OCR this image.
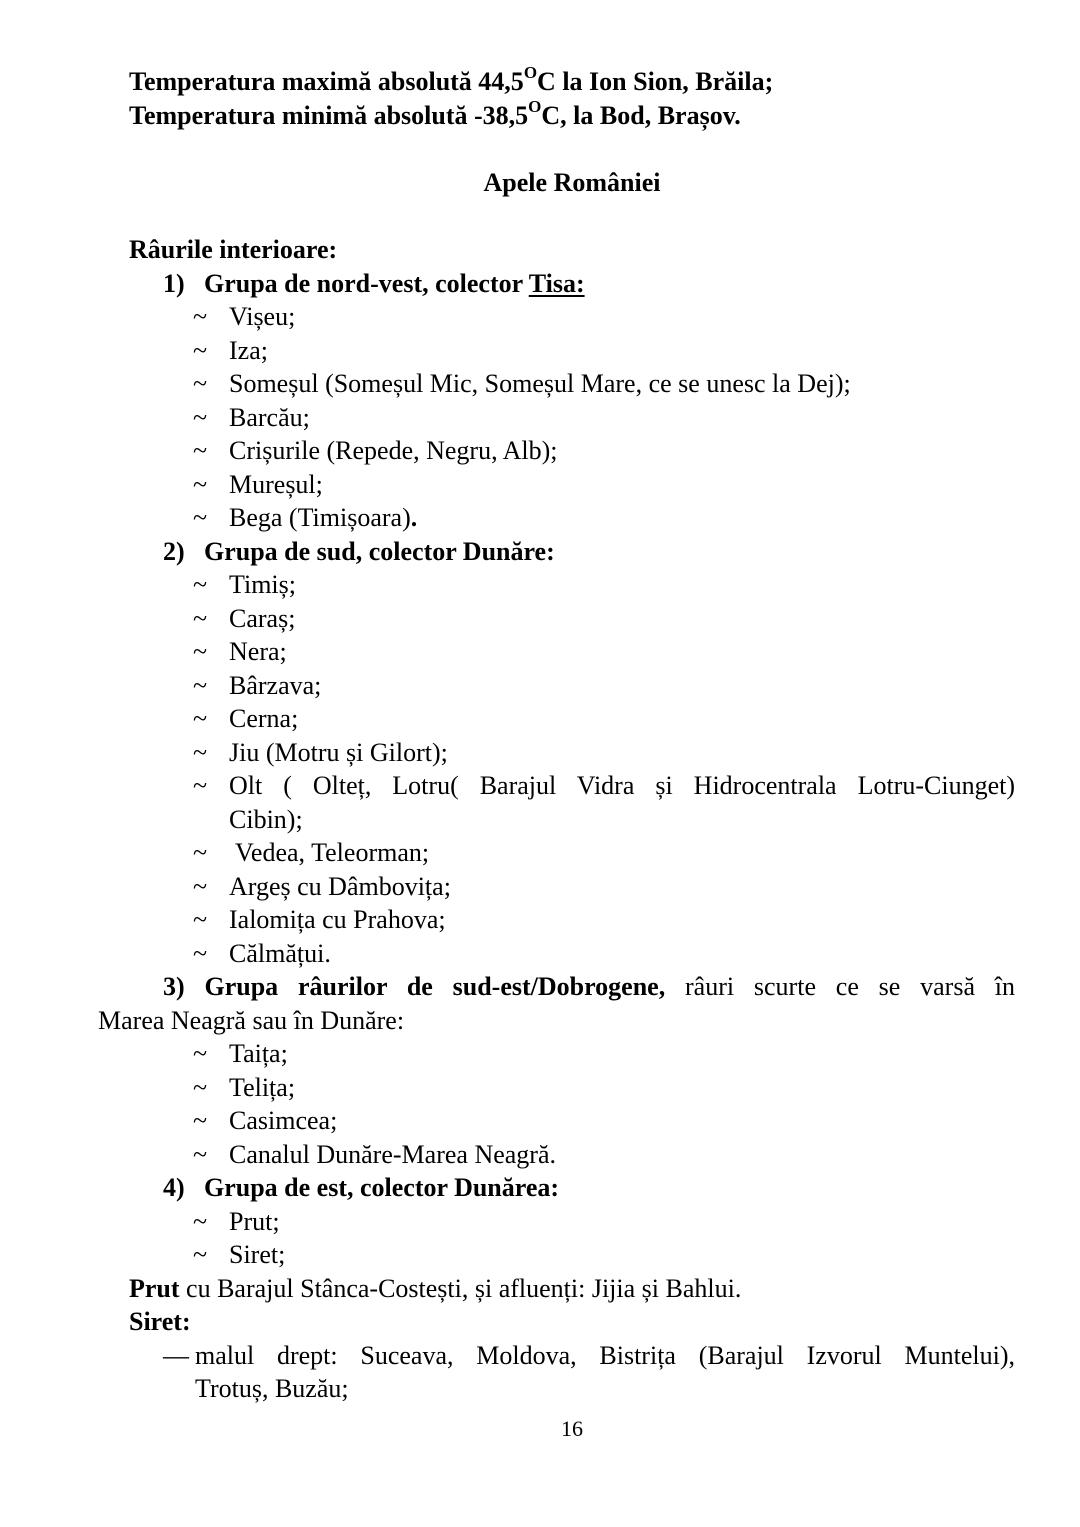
Temperatura maximă absolută $44,5^OC$ la Ion Sion, Brăila;
Temperatura minimă absolută $-38,5^OC$, la Bod, Brașov.
Apele României
Râurile interioare:
1) Grupa de nord-vest, colector Tisa:
~ Vișeu;
~ Iza;
~ Someșul (Someșul Mic, Someșul Mare, ce se unesc la Dej);
~ Barcău;
~ Crișurile (Repede, Negru, Alb);
~ Mureșul;
~ Bega (Timișoara).
2) Grupa de sud, colector Dunăre:
~ Timiș;
~ Caraș;
~ Nera;
~ Bârzava;
~ Cerna;
~ Jiu (Motru și Gilort);
~ Olt ( Olteț, Lotru( Barajul Vidra și Hidrocentrala Lotru-Ciunget)
Cibin);
~ Vedea, Teleorman;
~ Argeș cu Dâmbovița;
~ Ialomița cu Prahova;
~ Călmățui.
3) Grupa râurilor de sud-est/Dobrogene, râuri scurte ce se varsă în
Marea Neagră sau în Dunăre:
~ Taița;
~ Telița;
~ Casimcea;
~ Canalul Dunăre-Marea Neagră.
4) Grupa de est, colector Dunărea:
~ Prut;
~ Siret;
Prut cu Barajul Stânca-Costești, și afluenți: Jijia și Bahlui.
Siret:
— malul drept: Suceava, Moldova, Bistrița (Barajul Izvorul Muntelui),
Trotuș, Buzău;
16
